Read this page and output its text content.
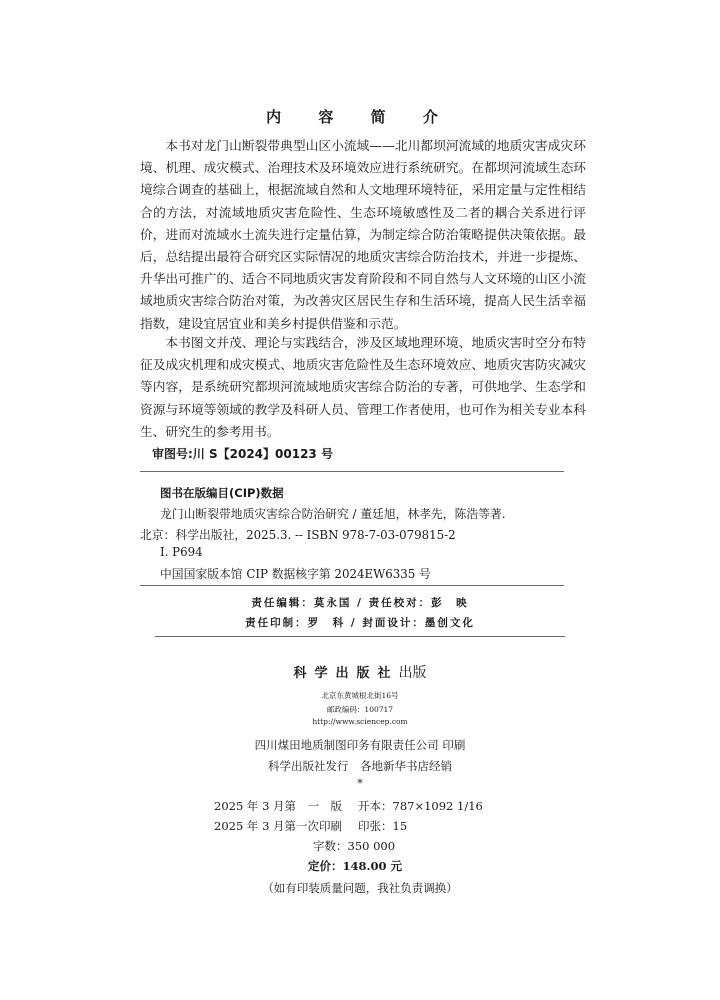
内 容 简 介

本书对龙门山断裂带典型山区小流域——北川都坝河流域的地质灾害成灾环境、机理、成灾模式、治理技术及环境效应进行系统研究。在都坝河流域生态环境综合调查的基础上，根据流域自然和人文地理环境特征，采用定量与定性相结合的方法，对流域地质灾害危险性、生态环境敏感性及二者的耦合关系进行评价，进而对流域水土流失进行定量估算，为制定综合防治策略提供决策依据。最后，总结提出最符合研究区实际情况的地质灾害综合防治技术，并进一步提炼、升华出可推广的、适合不同地质灾害发育阶段和不同自然与人文环境的山区小流域地质灾害综合防治对策，为改善灾区居民生存和生活环境，提高人民生活幸福指数，建设宜居宜业和美乡村提供借鉴和示范。

本书图文并茂、理论与实践结合，涉及区域地理环境、地质灾害时空分布特征及成灾机理和成灾模式、地质灾害危险性及生态环境效应、地质灾害防灾减灾等内容，是系统研究都坝河流域地质灾害综合防治的专著，可供地学、生态学和资源与环境等领域的教学及科研人员、管理工作者使用，也可作为相关专业本科生、研究生的参考用书。

审图号:川 S【2024】00123 号
图书在版编目(CIP)数据
龙门山断裂带地质灾害综合防治研究 / 董廷旭，林孝先，陈浩等著.
北京：科学出版社，2025.3. -- ISBN 978-7-03-079815-2
Ⅰ. P694
中国国家版本馆 CIP 数据核字第 2024EW6335 号
责任编辑：莫永国 / 责任校对：彭　映
责任印制：罗　科 / 封面设计：墨创文化
科学出版社出版
北京东黄城根北街16号
邮政编码：100717
http://www.sciencep.com
四川煤田地质制图印务有限责任公司 印刷
科学出版社发行　各地新华书店经销
*
2025 年 3 月第　一　版 开本：787×1092 1/16
2025 年 3 月第一次印刷 印张：15
字数：350 000
定价：148.00 元
（如有印装质量问题，我社负责调换）
